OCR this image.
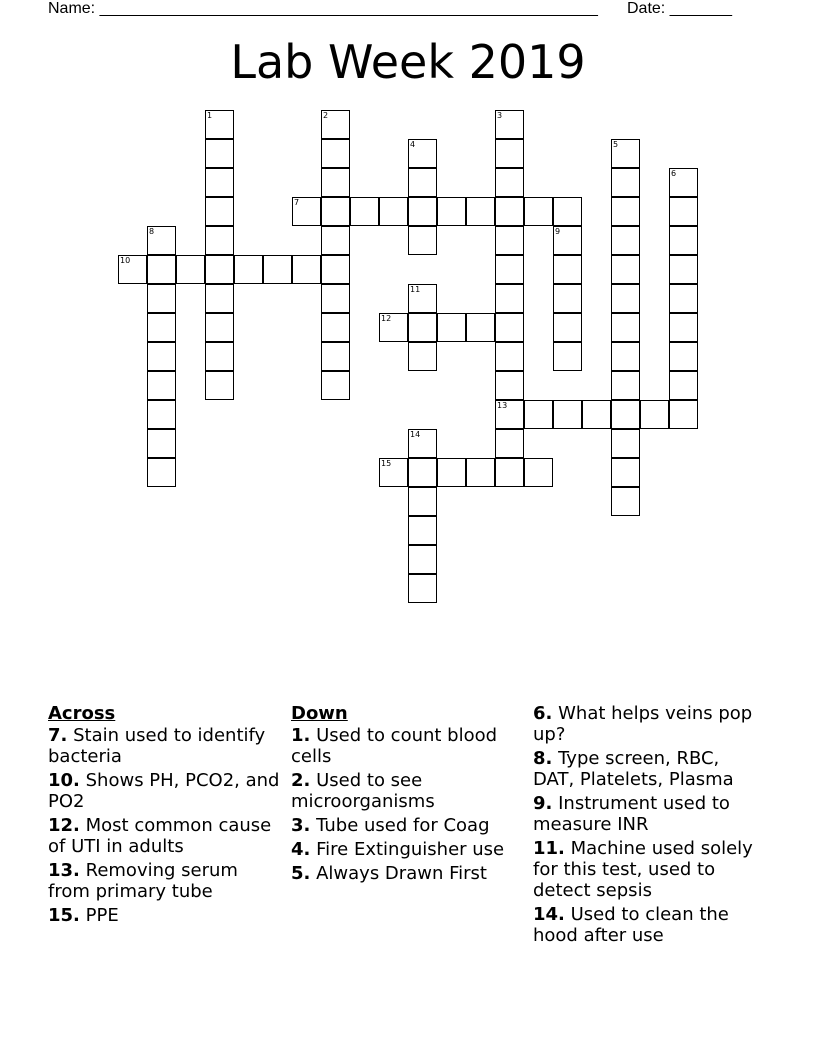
Name: ________________________________________________________ Date: _______
Lab Week 2019
1	2	3
13
4	5
6
7
8	9
10
11
12
14
15
Across
7. Stain used to identify bacteria
10. Shows PH, PCO2, and PO2
12. Most common cause of UTI in adults
13. Removing serum from primary tube
15. PPE
Down
1. Used to count blood cells
2. Used to see microorganisms
3. Tube used for Coag
4. Fire Extinguisher use
5. Always Drawn First
6. What helps veins pop up?
8. Type screen, RBC, DAT, Platelets, Plasma
9. Instrument used to measure INR
11. Machine used solely for this test, used to detect sepsis
14. Used to clean the hood after use
